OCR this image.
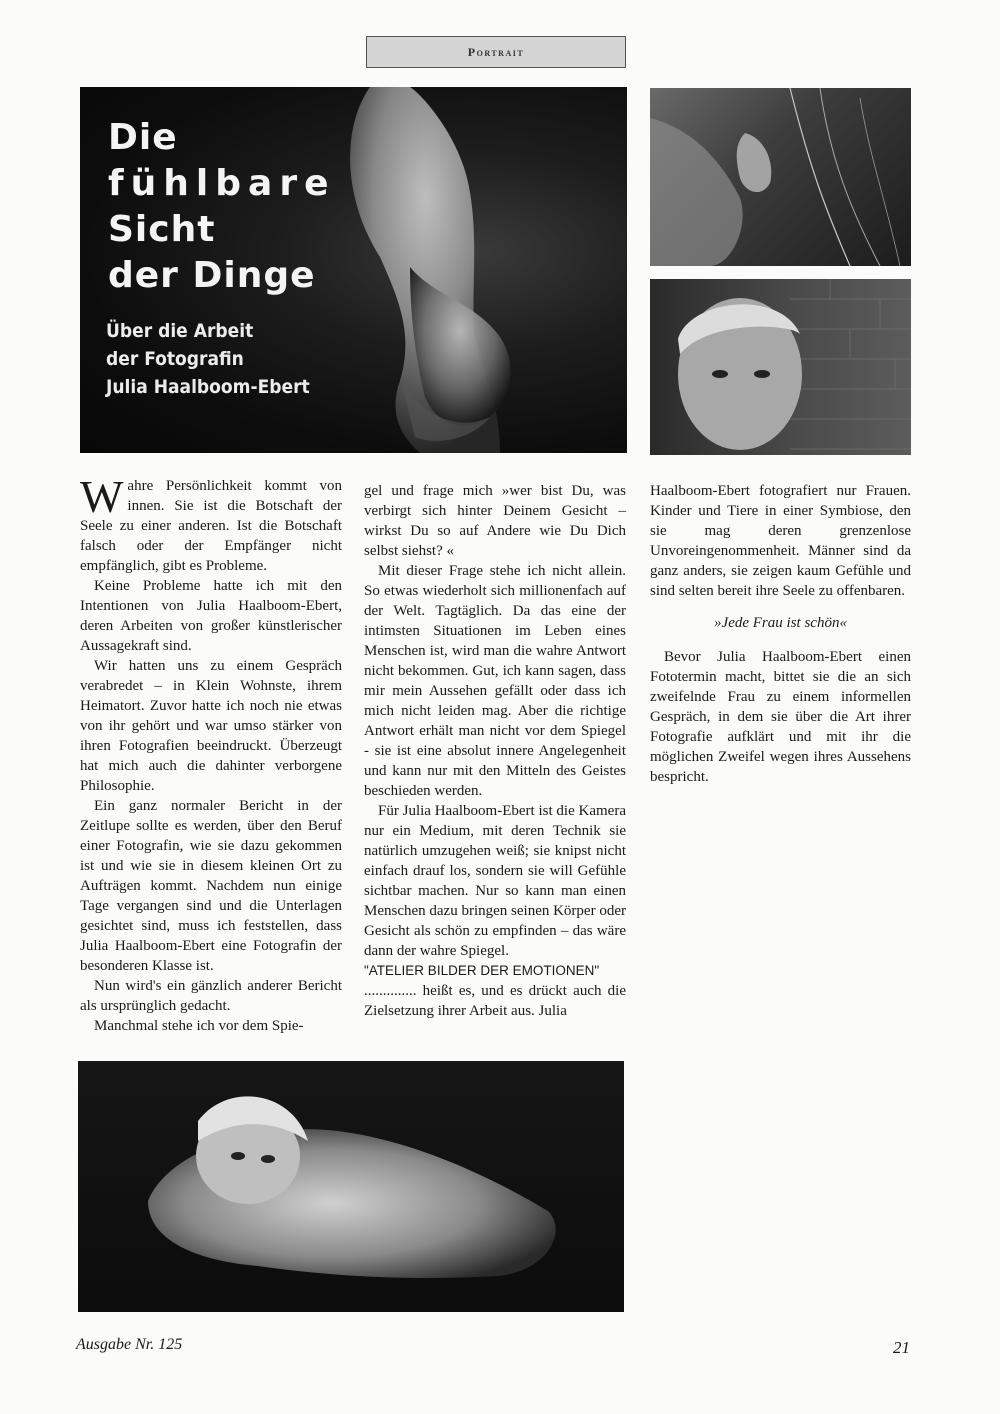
Portrait
Die
fühlbare
Sicht
der Dinge
Über die Arbeit
der Fotografin
Julia Haalboom-Ebert

Wahre Persönlichkeit kommt von innen. Sie ist die Botschaft der Seele zu einer anderen. Ist die Botschaft falsch oder der Empfänger nicht empfänglich, gibt es Probleme.

Keine Probleme hatte ich mit den Intentionen von Julia Haalboom-Ebert, deren Arbeiten von großer künstlerischer Aussagekraft sind.

Wir hatten uns zu einem Gespräch verabredet – in Klein Wohnste, ihrem Heimatort. Zuvor hatte ich noch nie etwas von ihr gehört und war umso stärker von ihren Fotografien beeindruckt. Überzeugt hat mich auch die dahinter verborgene Philosophie.

Ein ganz normaler Bericht in der Zeitlupe sollte es werden, über den Beruf einer Fotografin, wie sie dazu gekommen ist und wie sie in diesem kleinen Ort zu Aufträgen kommt. Nachdem nun einige Tage vergangen sind und die Unterlagen gesichtet sind, muss ich feststellen, dass Julia Haalboom-Ebert eine Fotografin der besonderen Klasse ist.

Nun wird's ein gänzlich anderer Bericht als ursprünglich gedacht.

Manchmal stehe ich vor dem Spie-

gel und frage mich »wer bist Du, was verbirgt sich hinter Deinem Gesicht – wirkst Du so auf Andere wie Du Dich selbst siehst? «

Mit dieser Frage stehe ich nicht allein. So etwas wiederholt sich millionenfach auf der Welt. Tagtäglich. Da das eine der intimsten Situationen im Leben eines Menschen ist, wird man die wahre Antwort nicht bekommen. Gut, ich kann sagen, dass mir mein Aussehen gefällt oder dass ich mich nicht leiden mag. Aber die richtige Antwort erhält man nicht vor dem Spiegel - sie ist eine absolut innere Angelegenheit und kann nur mit den Mitteln des Geistes beschieden werden.

Für Julia Haalboom-Ebert ist die Kamera nur ein Medium, mit deren Technik sie natürlich umzugehen weiß; sie knipst nicht einfach drauf los, sondern sie will Gefühle sichtbar machen. Nur so kann man einen Menschen dazu bringen seinen Körper oder Gesicht als schön zu empfinden – das wäre dann der wahre Spiegel.

"ATELIER BILDER DER EMOTIONEN"
.............. heißt es, und es drückt auch die Zielsetzung ihrer Arbeit aus. Julia

Haalboom-Ebert fotografiert nur Frauen. Kinder und Tiere in einer Symbiose, den sie mag deren grenzenlose Unvoreingenommenheit. Männer sind da ganz anders, sie zeigen kaum Gefühle und sind selten bereit ihre Seele zu offenbaren.

»Jede Frau ist schön«

Bevor Julia Haalboom-Ebert einen Fototermin macht, bittet sie die an sich zweifelnde Frau zu einem informellen Gespräch, in dem sie über die Art ihrer Fotografie aufklärt und mit ihr die möglichen Zweifel wegen ihres Aussehens bespricht.

Ausgabe Nr. 125	21
